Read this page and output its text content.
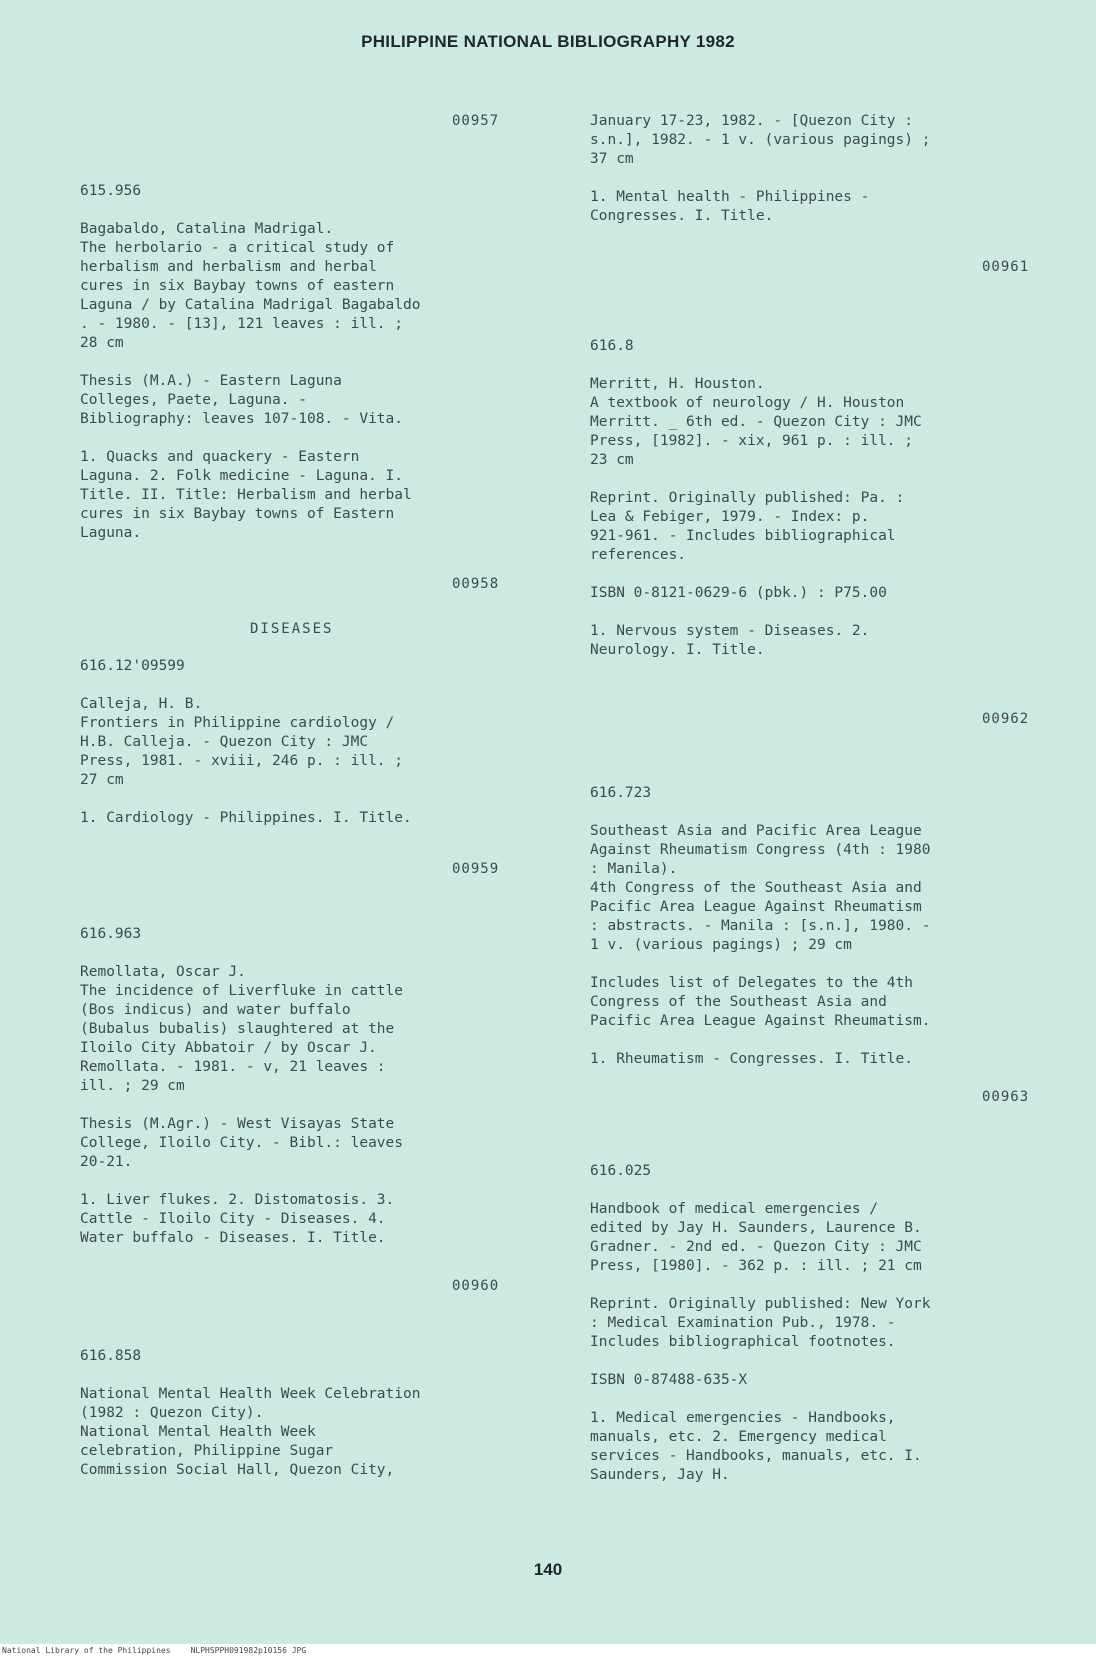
PHILIPPINE NATIONAL BIBLIOGRAPHY 1982
00957
615.956
Bagabaldo, Catalina Madrigal.
The herbolario - a critical study of
herbalism and herbalism and herbal
cures in six Baybay towns of eastern
Laguna / by Catalina Madrigal Bagabaldo
. - 1980. - [13], 121 leaves : ill. ;
28 cm
Thesis (M.A.) - Eastern Laguna
Colleges, Paete, Laguna. -
Bibliography: leaves 107-108. - Vita.
1. Quacks and quackery - Eastern
Laguna. 2. Folk medicine - Laguna. I.
Title. II. Title: Herbalism and herbal
cures in six Baybay towns of Eastern
Laguna.
00958
DISEASES
616.12'09599
Calleja, H. B.
Frontiers in Philippine cardiology /
H.B. Calleja. - Quezon City : JMC
Press, 1981. - xviii, 246 p. : ill. ;
27 cm
1. Cardiology - Philippines. I. Title.
00959
616.963
Remollata, Oscar J.
The incidence of Liverfluke in cattle
(Bos indicus) and water buffalo
(Bubalus bubalis) slaughtered at the
Iloilo City Abbatoir / by Oscar J.
Remollata. - 1981. - v, 21 leaves :
ill. ; 29 cm
Thesis (M.Agr.) - West Visayas State
College, Iloilo City. - Bibl.: leaves
20-21.
1. Liver flukes. 2. Distomatosis. 3.
Cattle - Iloilo City - Diseases. 4.
Water buffalo - Diseases. I. Title.
00960
616.858
National Mental Health Week Celebration
(1982 : Quezon City).
National Mental Health Week
celebration, Philippine Sugar
Commission Social Hall, Quezon City,
January 17-23, 1982. - [Quezon City :
s.n.], 1982. - 1 v. (various pagings) ;
37 cm
1. Mental health - Philippines -
Congresses. I. Title.
00961
616.8
Merritt, H. Houston.
A textbook of neurology / H. Houston
Merritt. _ 6th ed. - Quezon City : JMC
Press, [1982]. - xix, 961 p. : ill. ;
23 cm
Reprint. Originally published: Pa. :
Lea & Febiger, 1979. - Index: p.
921-961. - Includes bibliographical
references.
ISBN 0-8121-0629-6 (pbk.) : P75.00
1. Nervous system - Diseases. 2.
Neurology. I. Title.
00962
616.723
Southeast Asia and Pacific Area League
Against Rheumatism Congress (4th : 1980
: Manila).
4th Congress of the Southeast Asia and
Pacific Area League Against Rheumatism
: abstracts. - Manila : [s.n.], 1980. -
1 v. (various pagings) ; 29 cm
Includes list of Delegates to the 4th
Congress of the Southeast Asia and
Pacific Area League Against Rheumatism.
1. Rheumatism - Congresses. I. Title.
00963
616.025
Handbook of medical emergencies /
edited by Jay H. Saunders, Laurence B.
Gradner. - 2nd ed. - Quezon City : JMC
Press, [1980]. - 362 p. : ill. ; 21 cm
Reprint. Originally published: New York
: Medical Examination Pub., 1978. -
Includes bibliographical footnotes.
ISBN 0-87488-635-X
1. Medical emergencies - Handbooks,
manuals, etc. 2. Emergency medical
services - Handbooks, manuals, etc. I.
Saunders, Jay H.
140
National Library of the Philippines	NLPHSPPH091982p10156 JPG
